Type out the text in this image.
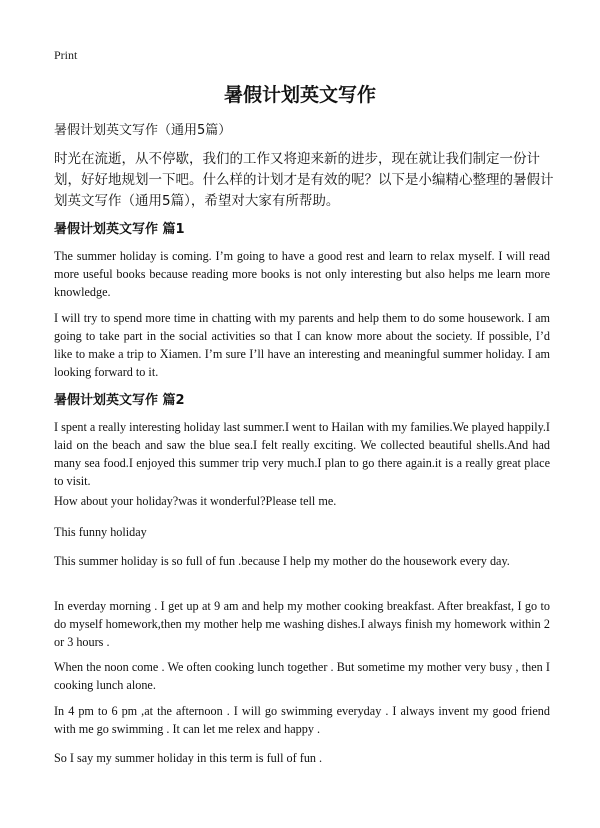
Print
暑假计划英文写作

暑假计划英文写作（通用5篇）

时光在流逝，从不停歇，我们的工作又将迎来新的进步，现在就让我们制定一份计划，好好地规划一下吧。什么样的计划才是有效的呢？以下是小编精心整理的暑假计划英文写作（通用5篇），希望对大家有所帮助。

暑假计划英文写作 篇1

The summer holiday is coming. I’m going to have a good rest and learn to relax myself. I will read more useful books because reading more books is not only interesting but also helps me learn more knowledge.

I will try to spend more time in chatting with my parents and help them to do some housework. I am going to take part in the social activities so that I can know more about the society. If possible, I’d like to make a trip to Xiamen. I’m sure I’ll have an interesting and meaningful summer holiday. I am looking forward to it.

暑假计划英文写作 篇2

I spent a really interesting holiday last summer.I went to Hailan with my families.We played happily.I laid on the beach and saw the blue sea.I felt really exciting. We collected beautiful shells.And had many sea food.I enjoyed this summer trip very much.I plan to go there again.it is a really great place to visit.

How about your holiday?was it wonderful?Please tell me.

This funny holiday

This summer holiday is so full of fun .because I help my mother do the housework every day.

In everday morning . I get up at 9 am and help my mother cooking breakfast. After breakfast, I go to do myself homework,then my mother help me washing dishes.I always finish my homework within 2 or 3 hours .

When the noon come . We often cooking lunch together . But sometime my mother very busy , then I cooking lunch alone.

In 4 pm to 6 pm ,at the afternoon . I will go swimming everyday . I always invent my good friend with me go swimming . It can let me relex and happy .

So I say my summer holiday in this term is full of fun .
